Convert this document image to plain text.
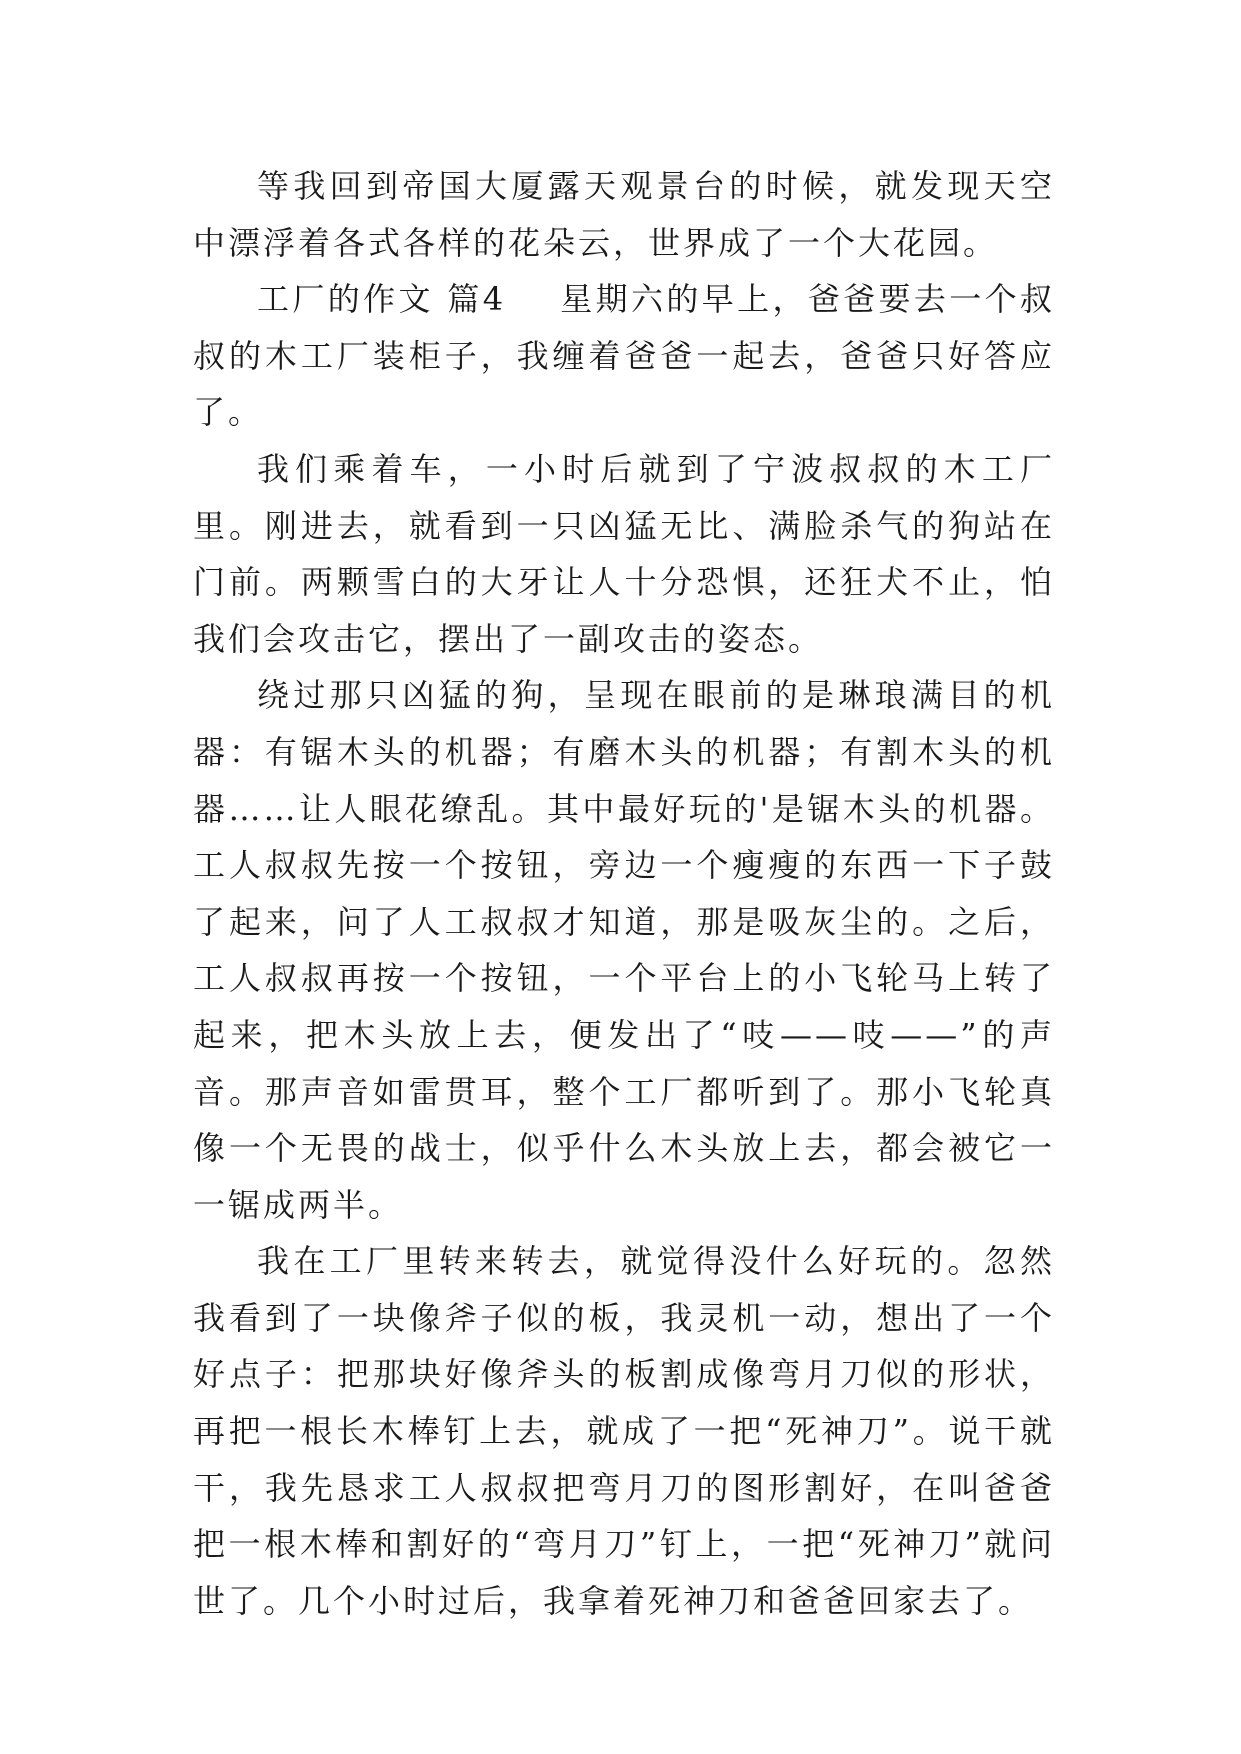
等我回到帝国大厦露天观景台的时候，就发现天空中漂浮着各式各样的花朵云，世界成了一个大花园。

工厂的作文 篇4 星期六的早上，爸爸要去一个叔叔的木工厂装柜子，我缠着爸爸一起去，爸爸只好答应了。

我们乘着车，一小时后就到了宁波叔叔的木工厂里。刚进去，就看到一只凶猛无比、满脸杀气的狗站在门前。两颗雪白的大牙让人十分恐惧，还狂犬不止，怕我们会攻击它，摆出了一副攻击的姿态。

绕过那只凶猛的狗，呈现在眼前的是琳琅满目的机器：有锯木头的机器；有磨木头的机器；有割木头的机器……让人眼花缭乱。其中最好玩的'是锯木头的机器。工人叔叔先按一个按钮，旁边一个瘦瘦的东西一下子鼓了起来，问了人工叔叔才知道，那是吸灰尘的。之后，工人叔叔再按一个按钮，一个平台上的小飞轮马上转了起来，把木头放上去，便发出了“吱——吱——”的声音。那声音如雷贯耳，整个工厂都听到了。那小飞轮真像一个无畏的战士，似乎什么木头放上去，都会被它一一锯成两半。

我在工厂里转来转去，就觉得没什么好玩的。忽然我看到了一块像斧子似的板，我灵机一动，想出了一个好点子：把那块好像斧头的板割成像弯月刀似的形状，再把一根长木棒钉上去，就成了一把“死神刀”。说干就干，我先恳求工人叔叔把弯月刀的图形割好，在叫爸爸把一根木棒和割好的“弯月刀”钉上，一把“死神刀”就问世了。几个小时过后，我拿着死神刀和爸爸回家去了。
